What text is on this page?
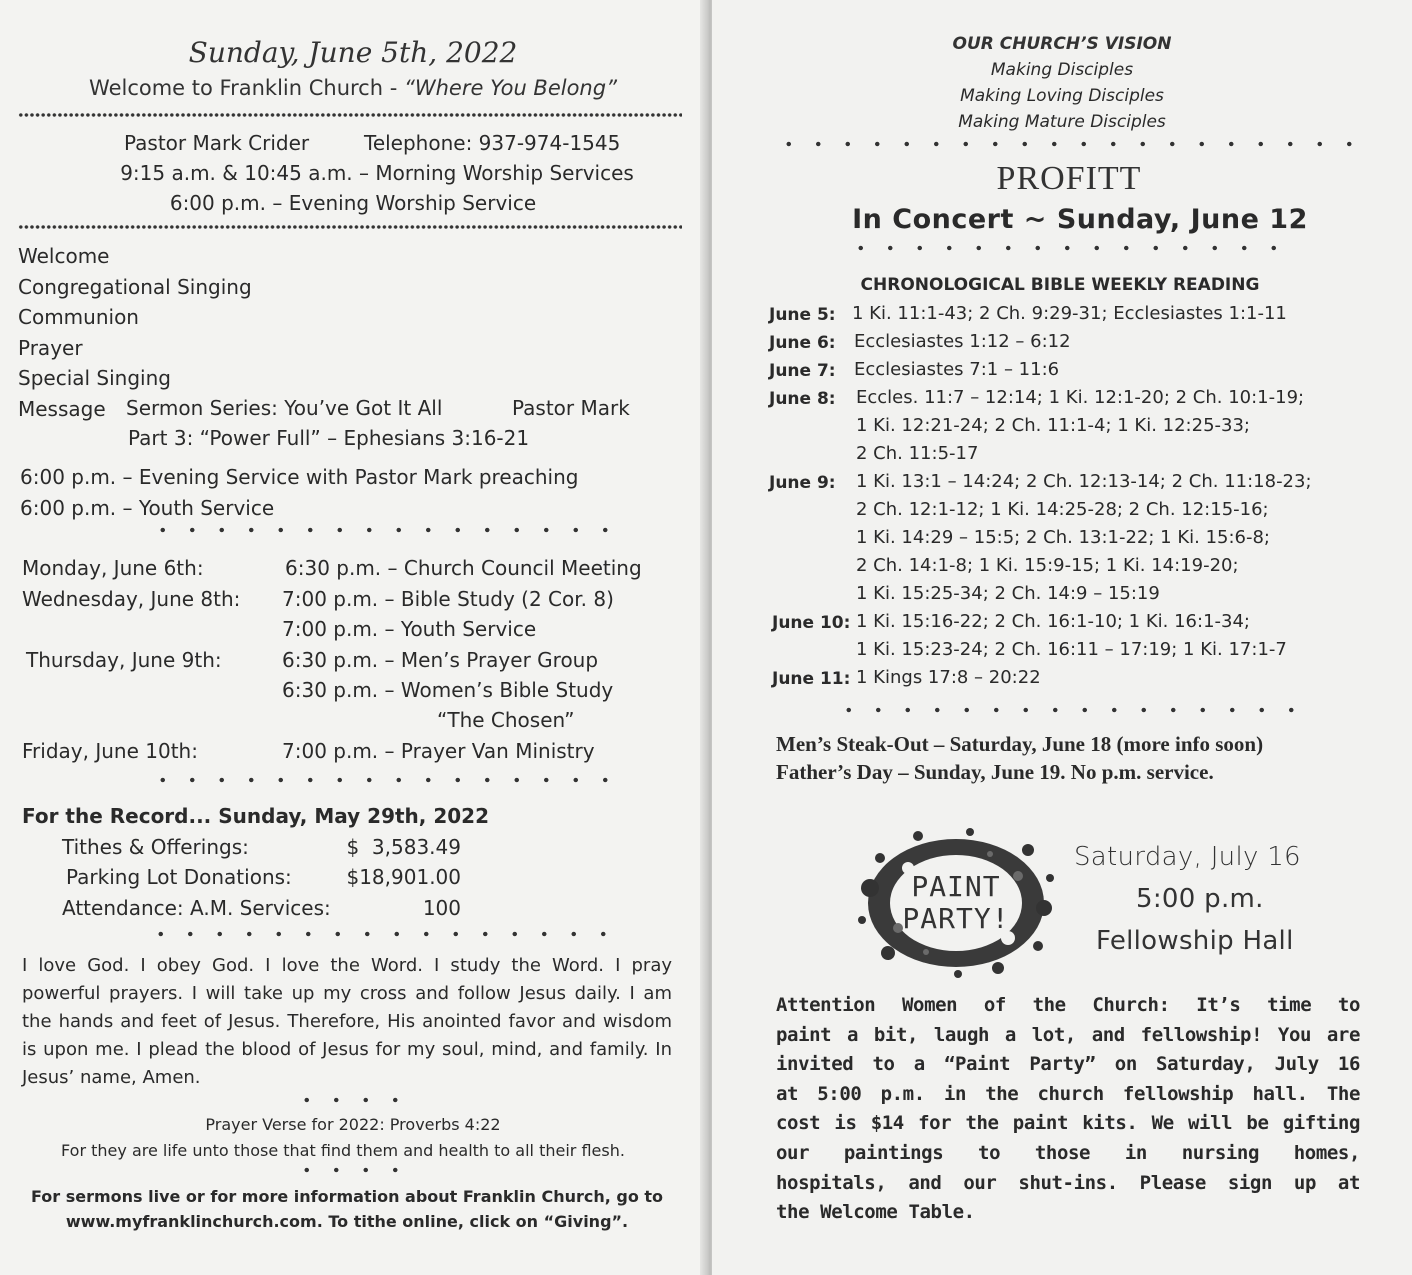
Sunday, June 5th, 2022
Welcome to Franklin Church - “Where You Belong”
Pastor Mark Crider	Telephone: 937-974-1545
9:15 a.m. & 10:45 a.m. – Morning Worship Services
6:00 p.m. – Evening Worship Service
Welcome
Congregational Singing
Communion
Prayer
Special Singing
Message Sermon Series: You’ve Got It All	Pastor Mark
Part 3: “Power Full” – Ephesians 3:16-21
6:00 p.m. – Evening Service with Pastor Mark preaching
6:00 p.m. – Youth Service
Monday, June 6th:	6:30 p.m. – Church Council Meeting
Wednesday, June 8th: 7:00 p.m. – Bible Study (2 Cor. 8)
7:00 p.m. – Youth Service
Thursday, June 9th:	6:30 p.m. – Men’s Prayer Group
6:30 p.m. – Women’s Bible Study
“The Chosen”
Friday, June 10th:	7:00 p.m. – Prayer Van Ministry
For the Record... Sunday, May 29th, 2022
Tithes & Offerings:	$  3,583.49
Parking Lot Donations:	$18,901.00
Attendance: A.M. Services:	100
I love God. I obey God. I love the Word. I study the Word. I pray
powerful prayers. I will take up my cross and follow Jesus daily. I am
the hands and feet of Jesus. Therefore, His anointed favor and wisdom
is upon me. I plead the blood of Jesus for my soul, mind, and family. In
Jesus’ name, Amen.
Prayer Verse for 2022: Proverbs 4:22
For they are life unto those that find them and health to all their flesh.
For sermons live or for more information about Franklin Church, go to
www.myfranklinchurch.com. To tithe online, click on “Giving”.
OUR CHURCH’S VISION
Making Disciples
Making Loving Disciples
Making Mature Disciples
PROFITT
In Concert ~ Sunday, June 12
CHRONOLOGICAL BIBLE WEEKLY READING
June 5: 1 Ki. 11:1-43; 2 Ch. 9:29-31; Ecclesiastes 1:1-11
June 6: Ecclesiastes 1:12 – 6:12
June 7: Ecclesiastes 7:1 – 11:6
June 8: Eccles. 11:7 – 12:14; 1 Ki. 12:1-20; 2 Ch. 10:1-19;
1 Ki. 12:21-24; 2 Ch. 11:1-4; 1 Ki. 12:25-33;
2 Ch. 11:5-17
June 9: 1 Ki. 13:1 – 14:24; 2 Ch. 12:13-14; 2 Ch. 11:18-23;
2 Ch. 12:1-12; 1 Ki. 14:25-28; 2 Ch. 12:15-16;
1 Ki. 14:29 – 15:5; 2 Ch. 13:1-22; 1 Ki. 15:6-8;
2 Ch. 14:1-8; 1 Ki. 15:9-15; 1 Ki. 14:19-20;
1 Ki. 15:25-34; 2 Ch. 14:9 – 15:19
June 10: 1 Ki. 15:16-22; 2 Ch. 16:1-10; 1 Ki. 16:1-34;
1 Ki. 15:23-24; 2 Ch. 16:11 – 17:19; 1 Ki. 17:1-7
June 11: 1 Kings 17:8 – 20:22
Men’s Steak-Out – Saturday, June 18 (more info soon)
Father’s Day – Sunday, June 19. No p.m. service.
PAINT
PARTY!
Saturday, July 16
5:00 p.m.
Fellowship Hall
Attention Women of the Church: It’s time to
paint a bit, laugh a lot, and fellowship! You are
invited to a “Paint Party” on Saturday, July 16
at 5:00 p.m. in the church fellowship hall. The
cost is $14 for the paint kits. We will be gifting
our paintings to those in nursing homes,
hospitals, and our shut-ins. Please sign up at
the Welcome Table.
